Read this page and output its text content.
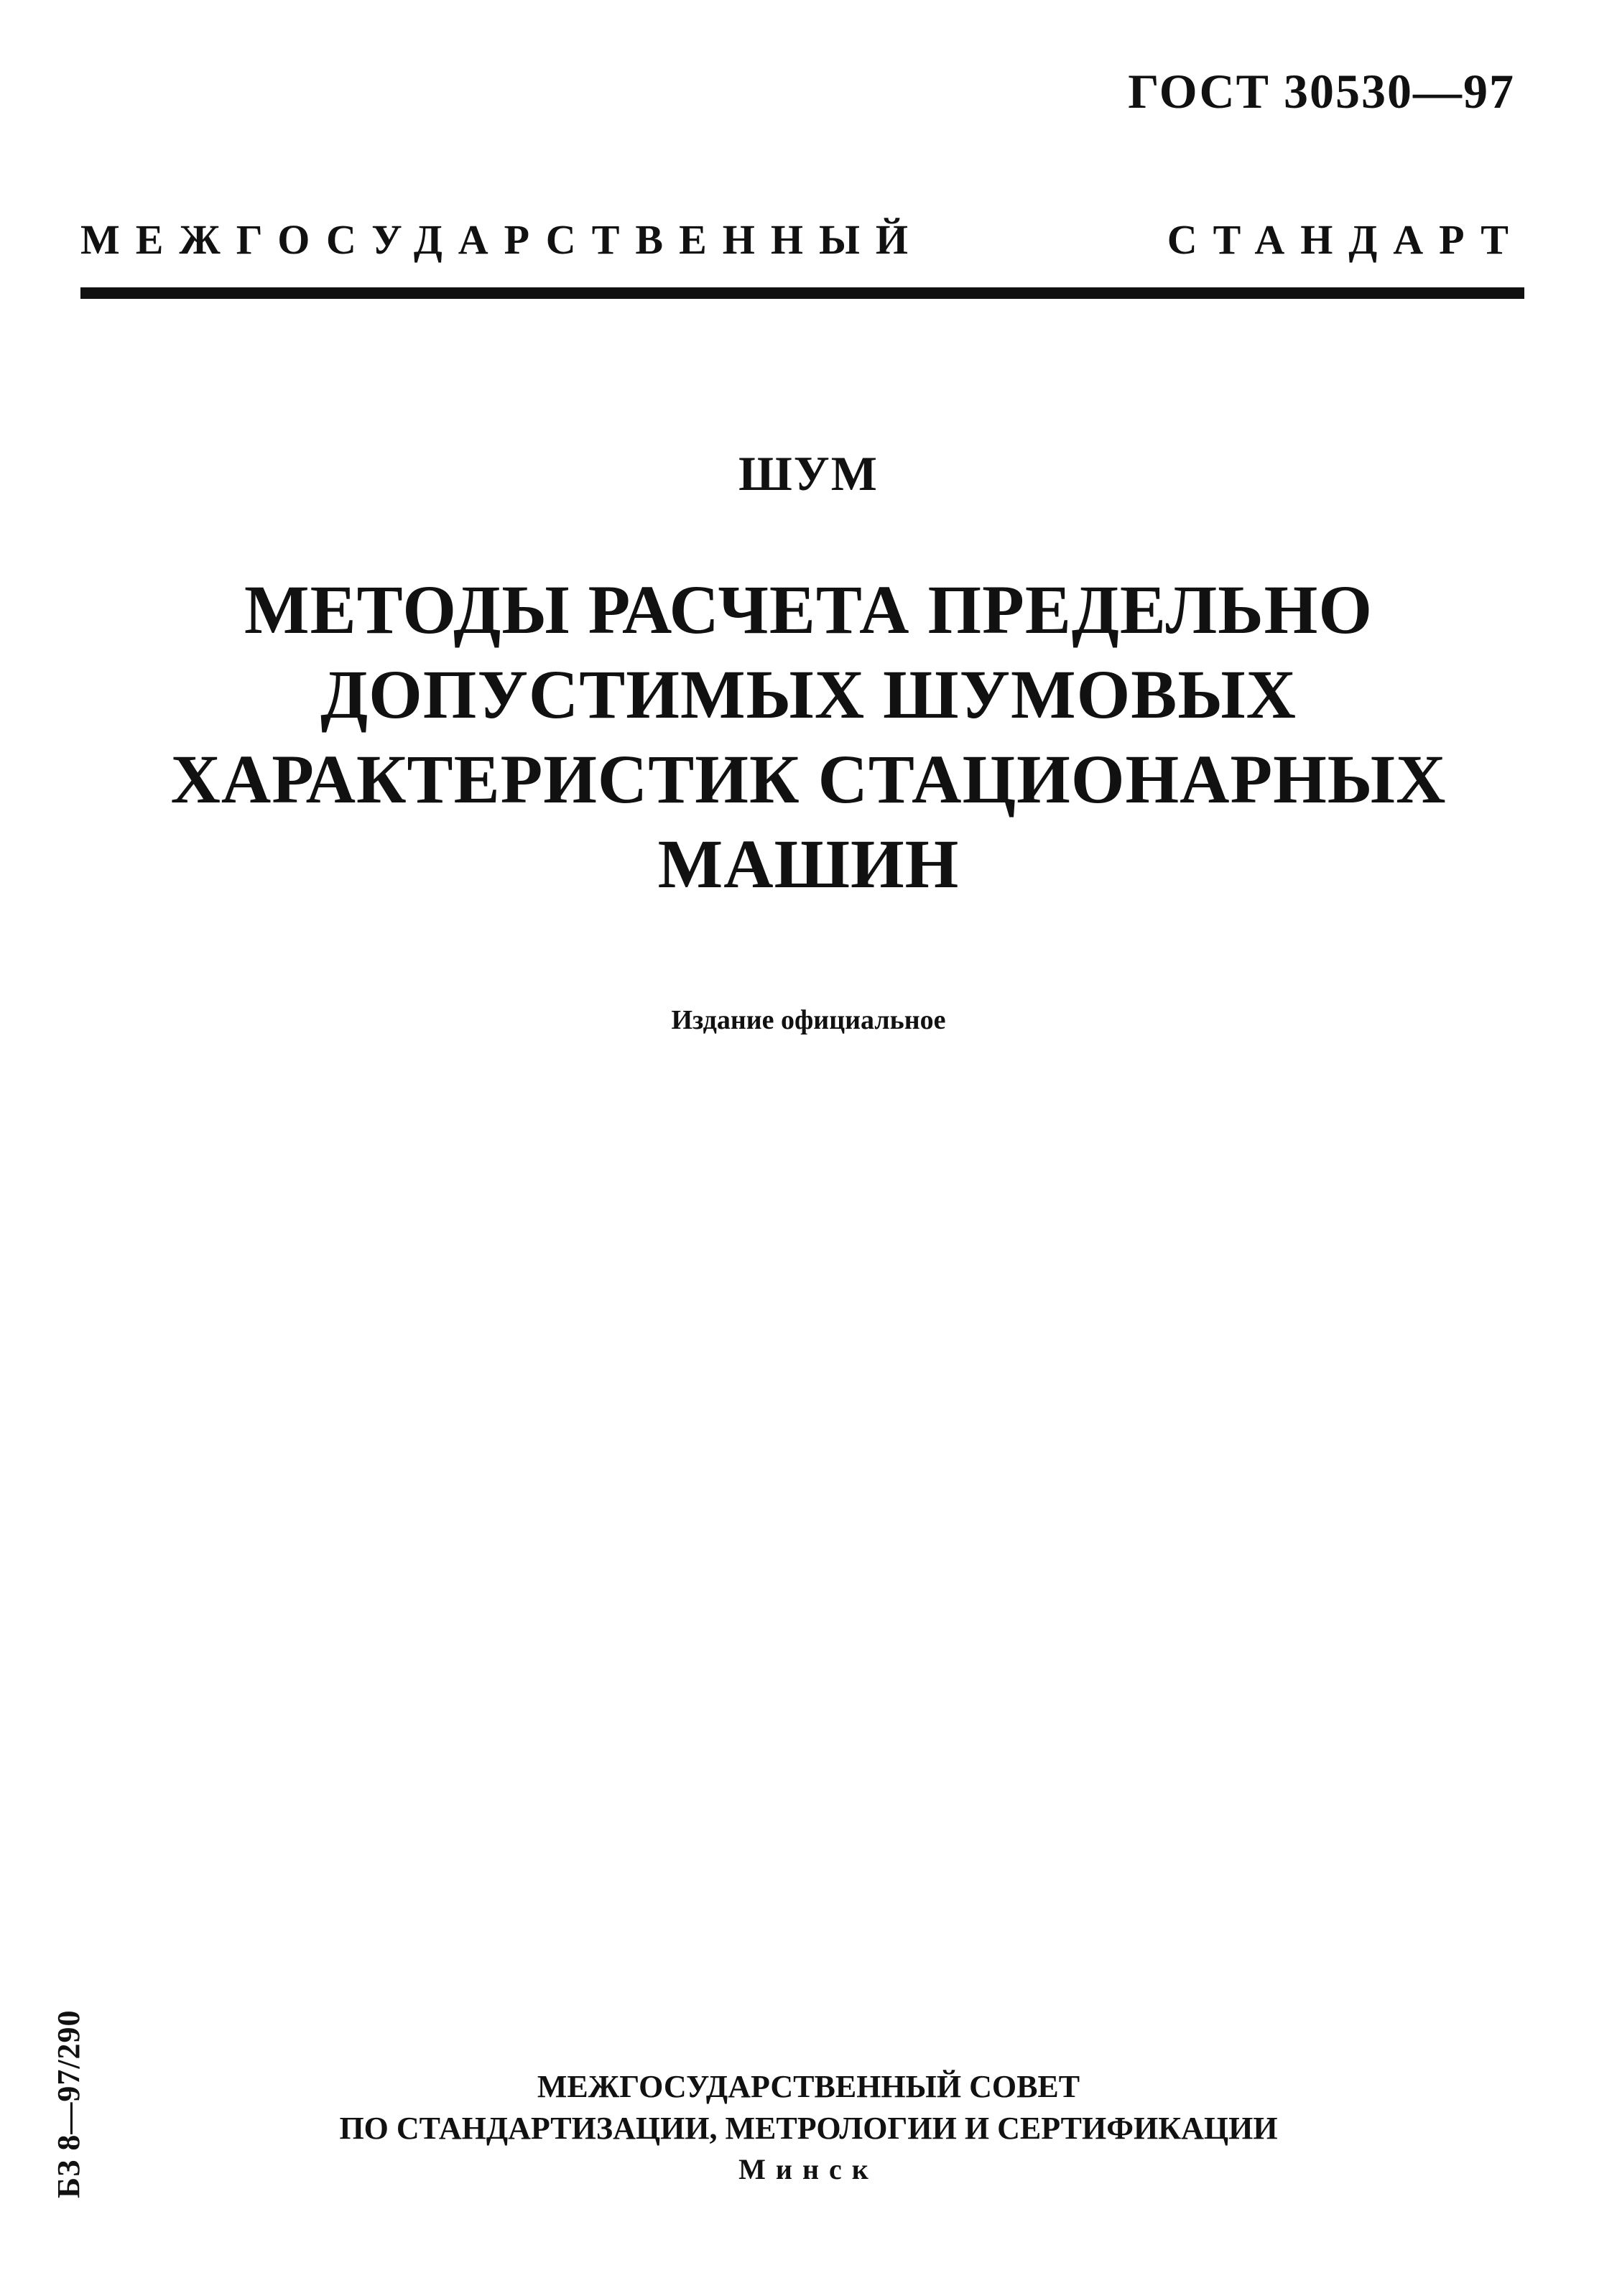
ГОСТ 30530—97
МЕЖГОСУДАРСТВЕННЫЙ	СТАНДАРТ
ШУМ
МЕТОДЫ РАСЧЕТА ПРЕДЕЛЬНО
ДОПУСТИМЫХ ШУМОВЫХ
ХАРАКТЕРИСТИК СТАЦИОНАРНЫХ
МАШИН
Издание официальное
БЗ 8—97/290	МЕЖГОСУДАРСТВЕННЫЙ СОВЕТ
ПО СТАНДАРТИЗАЦИИ, МЕТРОЛОГИИ И СЕРТИФИКАЦИИ
Минск
